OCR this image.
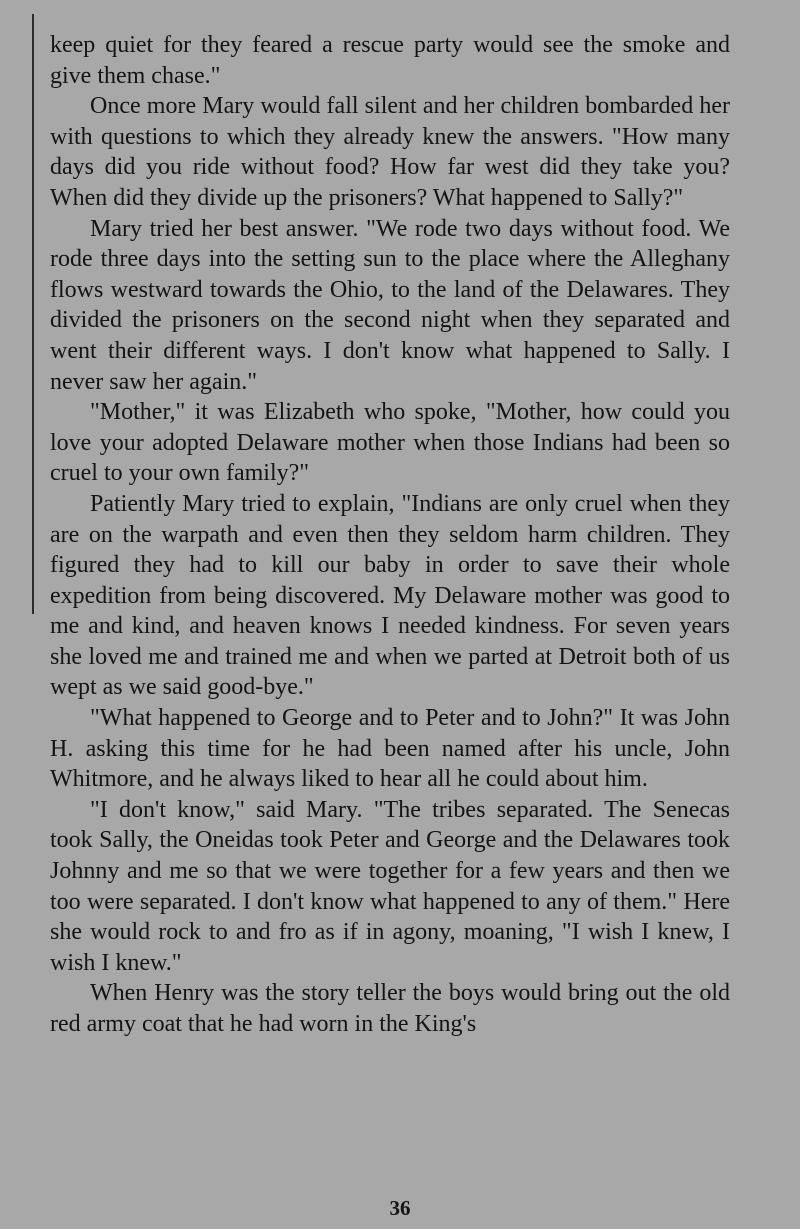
keep quiet for they feared a rescue party would see the smoke and give them chase."

Once more Mary would fall silent and her children bombarded her with questions to which they already knew the answers. "How many days did you ride without food? How far west did they take you? When did they divide up the prisoners? What happened to Sally?"

Mary tried her best answer. "We rode two days without food. We rode three days into the setting sun to the place where the Alleghany flows westward towards the Ohio, to the land of the Delawares. They divided the prisoners on the second night when they separated and went their different ways. I don't know what happened to Sally. I never saw her again."

"Mother," it was Elizabeth who spoke, "Mother, how could you love your adopted Delaware mother when those Indians had been so cruel to your own family?"

Patiently Mary tried to explain, "Indians are only cruel when they are on the warpath and even then they seldom harm children. They figured they had to kill our baby in order to save their whole expedition from being discovered. My Delaware mother was good to me and kind, and heaven knows I needed kindness. For seven years she loved me and trained me and when we parted at Detroit both of us wept as we said good-bye."

"What happened to George and to Peter and to John?" It was John H. asking this time for he had been named after his uncle, John Whitmore, and he always liked to hear all he could about him.

"I don't know," said Mary. "The tribes separated. The Senecas took Sally, the Oneidas took Peter and George and the Delawares took Johnny and me so that we were together for a few years and then we too were separated. I don't know what happened to any of them." Here she would rock to and fro as if in agony, moaning, "I wish I knew, I wish I knew."

When Henry was the story teller the boys would bring out the old red army coat that he had worn in the King's

36
